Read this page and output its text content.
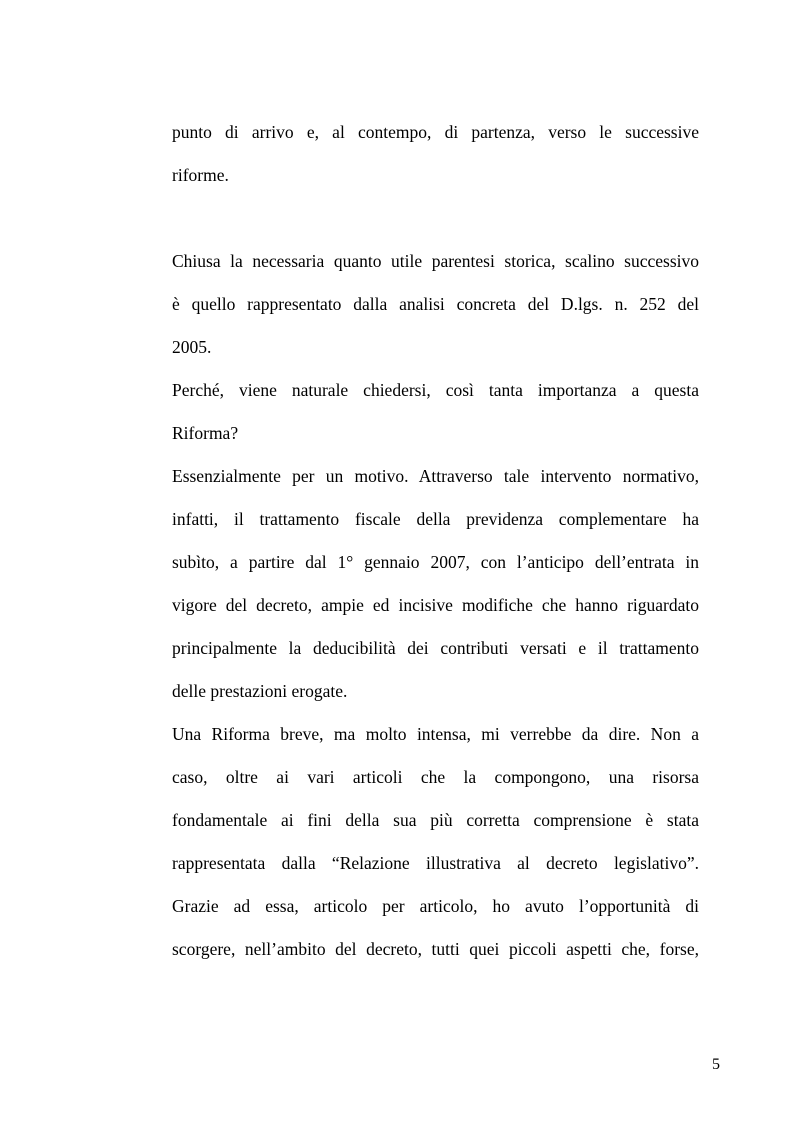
punto di arrivo e, al contempo, di partenza, verso le successive

riforme.

Chiusa la necessaria quanto utile parentesi storica, scalino successivo

è quello rappresentato dalla analisi concreta del D.lgs. n. 252 del

2005.

Perché, viene naturale chiedersi, così tanta importanza a questa

Riforma?

Essenzialmente per un motivo. Attraverso tale intervento normativo,

infatti, il trattamento fiscale della previdenza complementare ha

subìto, a partire dal 1° gennaio 2007, con l’anticipo dell’entrata in

vigore del decreto, ampie ed incisive modifiche che hanno riguardato

principalmente la deducibilità dei contributi versati e il trattamento

delle prestazioni erogate.

Una Riforma breve, ma molto intensa, mi verrebbe da dire. Non a

caso, oltre ai vari articoli che la compongono, una risorsa

fondamentale ai fini della sua più corretta comprensione è stata

rappresentata dalla “Relazione illustrativa al decreto legislativo”.

Grazie ad essa, articolo per articolo, ho avuto l’opportunità di

scorgere, nell’ambito del decreto, tutti quei piccoli aspetti che, forse,

5
